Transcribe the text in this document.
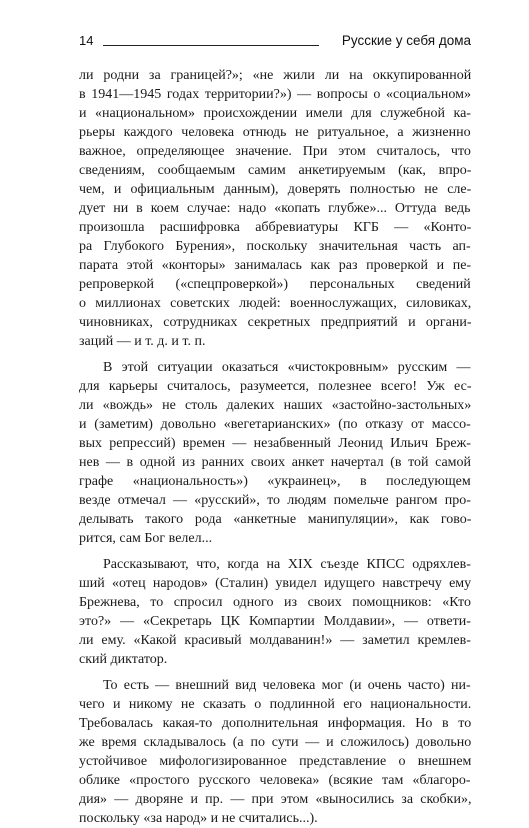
14	Русские у себя дома
ли родни за границей?»; «не жили ли на оккупированной
в 1941—1945 годах территории?») — вопросы о «социальном»
и «национальном» происхождении имели для служебной ка-
рьеры каждого человека отнюдь не ритуальное, а жизненно
важное, определяющее значение. При этом считалось, что
сведениям, сообщаемым самим анкетируемым (как, впро-
чем, и официальным данным), доверять полностью не сле-
дует ни в коем случае: надо «копать глубже»... Оттуда ведь
произошла расшифровка аббревиатуры КГБ — «Конто-
ра Глубокого Бурения», поскольку значительная часть ап-
парата этой «конторы» занималась как раз проверкой и пе-
репроверкой («спецпроверкой») персональных сведений
о миллионах советских людей: военнослужащих, силовиках,
чиновниках, сотрудниках секретных предприятий и органи-
заций — и т. д. и т. п.
В этой ситуации оказаться «чистокровным» русским —
для карьеры считалось, разумеется, полезнее всего! Уж ес-
ли «вождь» не столь далеких наших «застойно-застольных»
и (заметим) довольно «вегетарианских» (по отказу от массо-
вых репрессий) времен — незабвенный Леонид Ильич Бреж-
нев — в одной из ранних своих анкет начертал (в той самой
графе «национальность») «украинец», в последующем
везде отмечал — «русский», то людям помельче рангом про-
делывать такого рода «анкетные манипуляции», как гово-
рится, сам Бог велел...
Рассказывают, что, когда на XIX съезде КПСС одряхлев-
ший «отец народов» (Сталин) увидел идущего навстречу ему
Брежнева, то спросил одного из своих помощников: «Кто
это?» — «Секретарь ЦК Компартии Молдавии», — ответи-
ли ему. «Какой красивый молдаванин!» — заметил кремлев-
ский диктатор.
То есть — внешний вид человека мог (и очень часто) ни-
чего и никому не сказать о подлинной его национальности.
Требовалась какая-то дополнительная информация. Но в то
же время складывалось (а по сути — и сложилось) довольно
устойчивое мифологизированное представление о внешнем
облике «простого русского человека» (всякие там «благоро-
дия» — дворяне и пр. — при этом «выносились за скобки»,
поскольку «за народ» и не считались...).
